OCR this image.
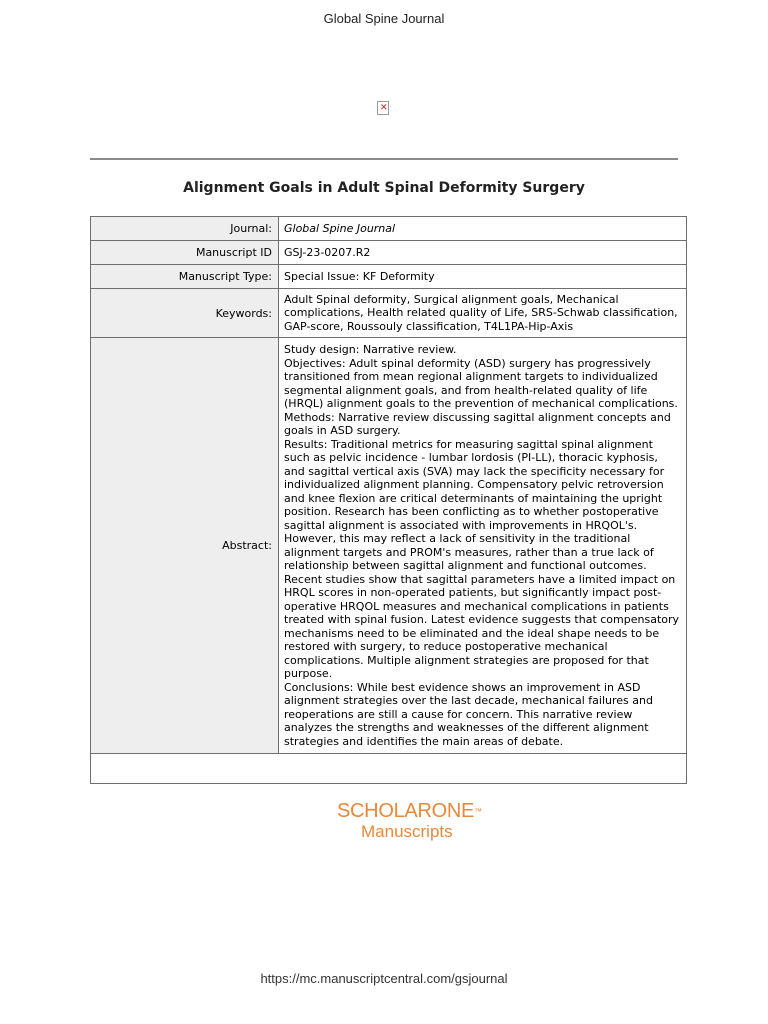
Global Spine Journal
✕
Alignment Goals in Adult Spinal Deformity Surgery
Journal:	Global Spine Journal
Manuscript ID	GSJ-23-0207.R2
Manuscript Type:	Special Issue: KF Deformity
Keywords:	Adult Spinal deformity, Surgical alignment goals, Mechanical complications, Health related quality of Life, SRS-Schwab classification, GAP-score, Roussouly classification, T4L1PA-Hip-Axis
Abstract:	Study design: Narrative review.

Objectives: Adult spinal deformity (ASD) surgery has progressively transitioned from mean regional alignment targets to individualized segmental alignment goals, and from health-related quality of life (HRQL) alignment goals to the prevention of mechanical complications.

Methods: Narrative review discussing sagittal alignment concepts and goals in ASD surgery.

Results: Traditional metrics for measuring sagittal spinal alignment such as pelvic incidence - lumbar lordosis (PI-LL), thoracic kyphosis, and sagittal vertical axis (SVA) may lack the specificity necessary for individualized alignment planning. Compensatory pelvic retroversion and knee flexion are critical determinants of maintaining the upright position. Research has been conflicting as to whether postoperative sagittal alignment is associated with improvements in HRQOL's. However, this may reflect a lack of sensitivity in the traditional alignment targets and PROM's measures, rather than a true lack of relationship between sagittal alignment and functional outcomes. Recent studies show that sagittal parameters have a limited impact on HRQL scores in non-operated patients, but significantly impact post-operative HRQOL measures and mechanical complications in patients treated with spinal fusion. Latest evidence suggests that compensatory mechanisms need to be eliminated and the ideal shape needs to be restored with surgery, to reduce postoperative mechanical complications. Multiple alignment strategies are proposed for that purpose.

Conclusions: While best evidence shows an improvement in ASD alignment strategies over the last decade, mechanical failures and reoperations are still a cause for concern. This narrative review analyzes the strengths and weaknesses of the different alignment strategies and identifies the main areas of debate.

SCHOLARONE™
Manuscripts
https://mc.manuscriptcentral.com/gsjournal
